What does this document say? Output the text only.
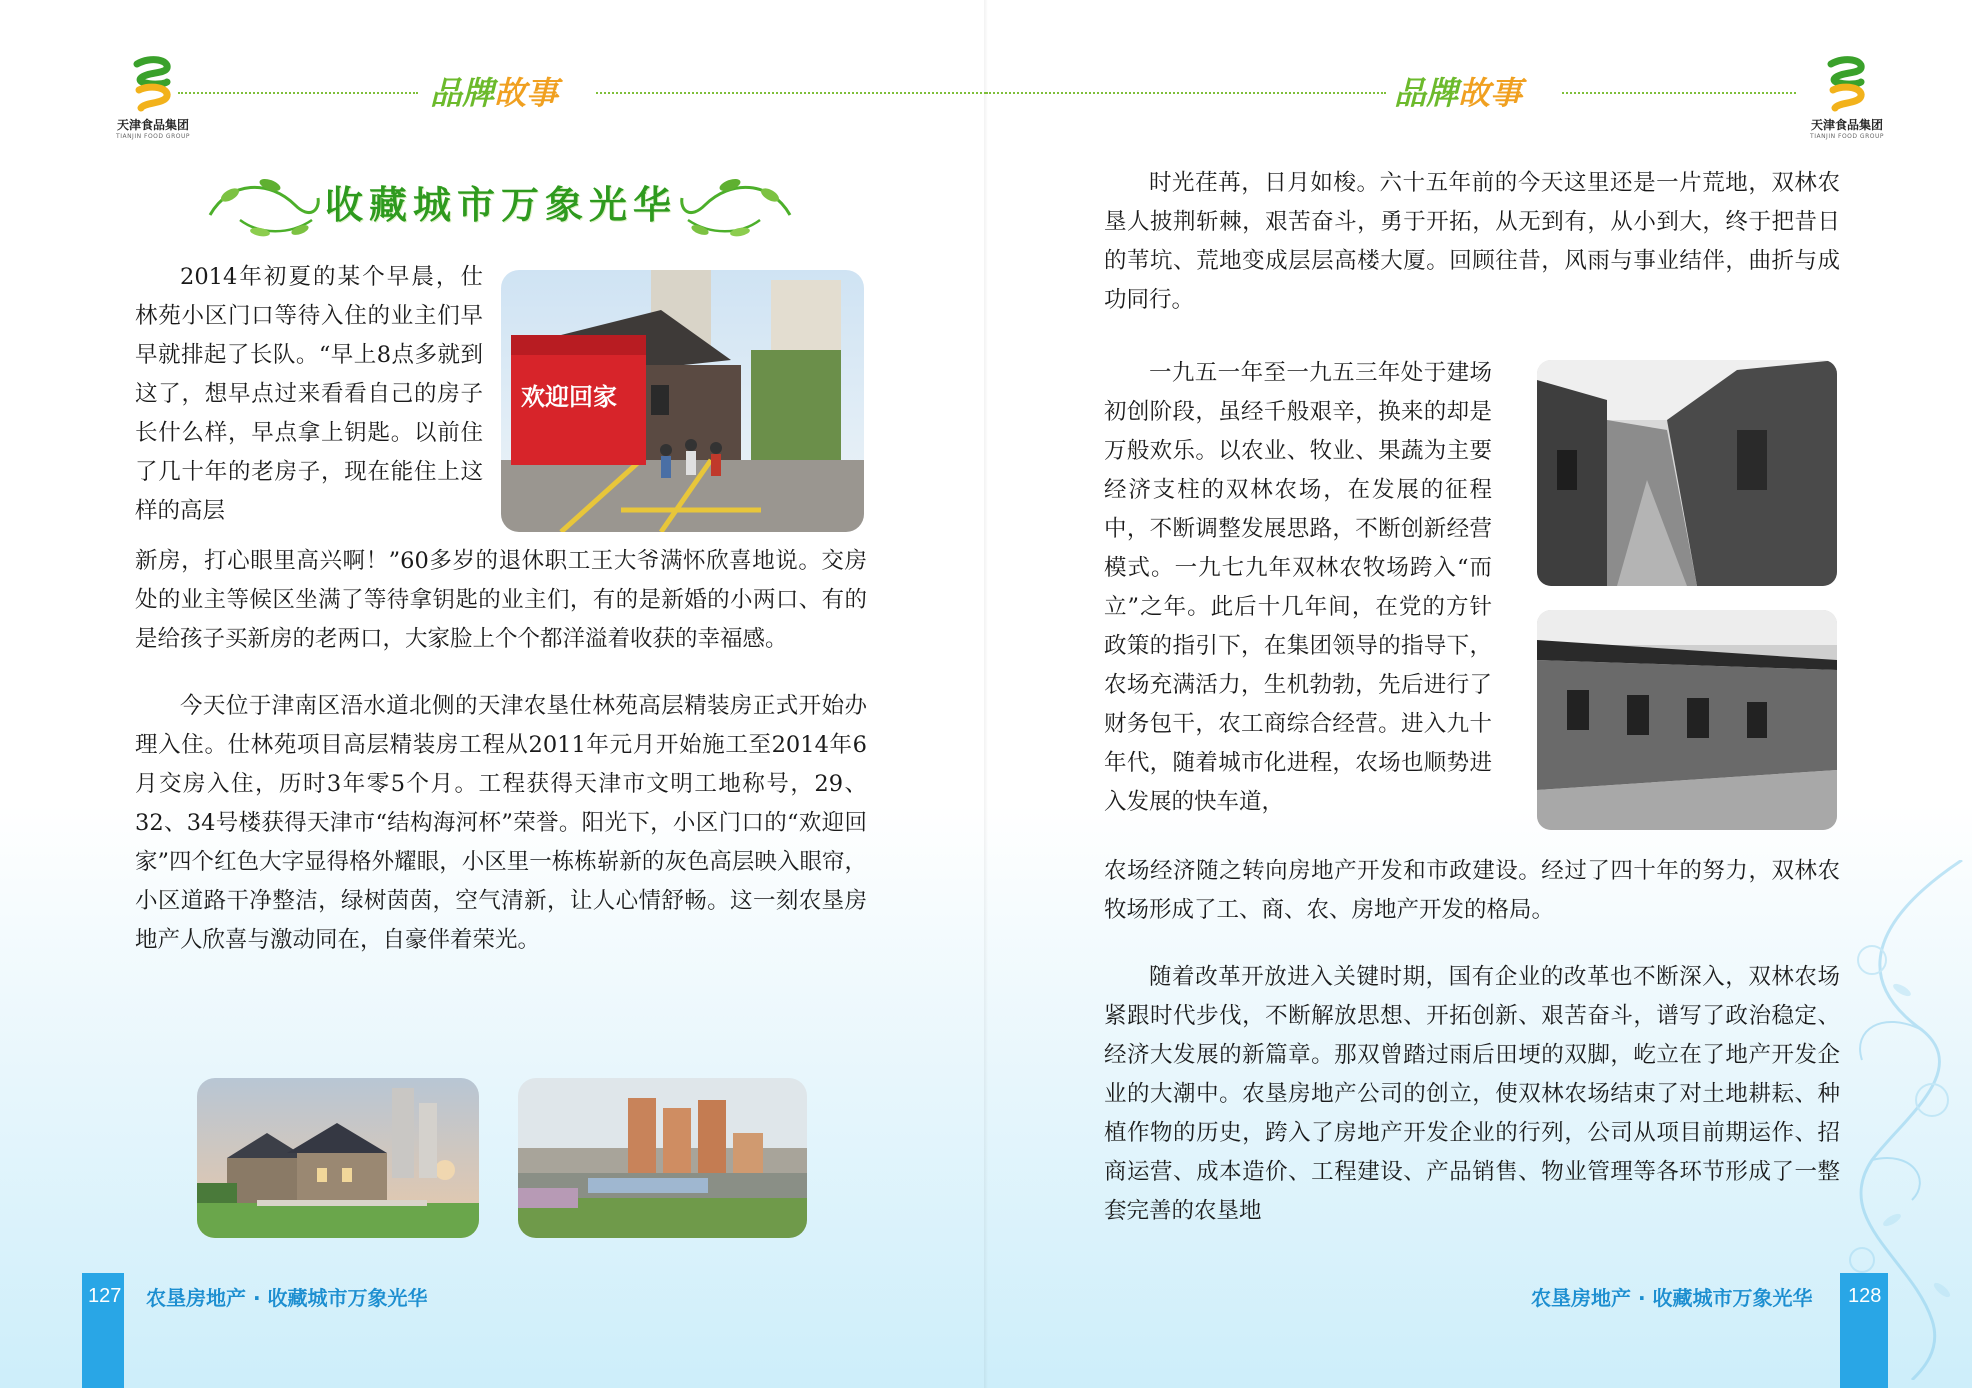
天津食品集团
TIANJIN FOOD GROUP
品牌故事
收藏城市万象光华

2014年初夏的某个早晨，仕林苑小区门口等待入住的业主们早早就排起了长队。“早上8点多就到这了，想早点过来看看自己的房子长什么样，早点拿上钥匙。以前住了几十年的老房子，现在能住上这样的高层

欢迎回家

新房，打心眼里高兴啊！”60多岁的退休职工王大爷满怀欣喜地说。交房处的业主等候区坐满了等待拿钥匙的业主们，有的是新婚的小两口、有的是给孩子买新房的老两口，大家脸上个个都洋溢着收获的幸福感。

今天位于津南区浯水道北侧的天津农垦仕林苑高层精装房正式开始办理入住。仕林苑项目高层精装房工程从2011年元月开始施工至2014年6月交房入住，历时3年零5个月。工程获得天津市文明工地称号，29、32、34号楼获得天津市“结构海河杯”荣誉。阳光下，小区门口的“欢迎回家”四个红色大字显得格外耀眼，小区里一栋栋崭新的灰色高层映入眼帘，小区道路干净整洁，绿树茵茵，空气清新，让人心情舒畅。这一刻农垦房地产人欣喜与激动同在，自豪伴着荣光。

127 农垦房地产 · 收藏城市万象光华
品牌故事
天津食品集团
TIANJIN FOOD GROUP

时光荏苒，日月如梭。六十五年前的今天这里还是一片荒地，双林农垦人披荆斩棘，艰苦奋斗，勇于开拓，从无到有，从小到大，终于把昔日的苇坑、荒地变成层层高楼大厦。回顾往昔，风雨与事业结伴，曲折与成功同行。

一九五一年至一九五三年处于建场初创阶段，虽经千般艰辛，换来的却是万般欢乐。以农业、牧业、果蔬为主要经济支柱的双林农场，在发展的征程中，不断调整发展思路，不断创新经营模式。一九七九年双林农牧场跨入“而立”之年。此后十几年间，在党的方针政策的指引下，在集团领导的指导下，农场充满活力，生机勃勃，先后进行了财务包干，农工商综合经营。进入九十年代，随着城市化进程，农场也顺势进入发展的快车道，

农场经济随之转向房地产开发和市政建设。经过了四十年的努力，双林农牧场形成了工、商、农、房地产开发的格局。

随着改革开放进入关键时期，国有企业的改革也不断深入，双林农场紧跟时代步伐，不断解放思想、开拓创新、艰苦奋斗，谱写了政治稳定、经济大发展的新篇章。那双曾踏过雨后田埂的双脚，屹立在了地产开发企业的大潮中。农垦房地产公司的创立，使双林农场结束了对土地耕耘、种植作物的历史，跨入了房地产开发企业的行列，公司从项目前期运作、招商运营、成本造价、工程建设、产品销售、物业管理等各环节形成了一整套完善的农垦地

农垦房地产 · 收藏城市万象光华 128
